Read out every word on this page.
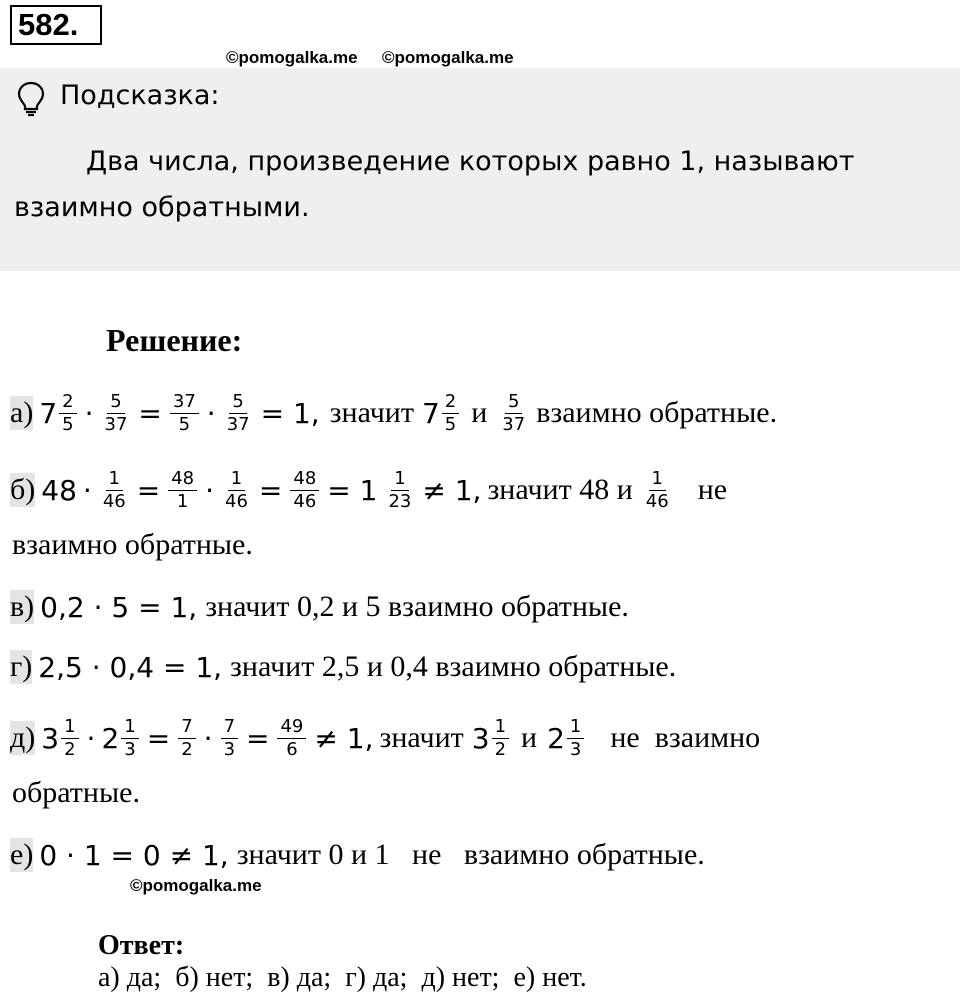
582.
©pomogalka.me ©pomogalka.me
Подсказка:
Два числа, произведение которых равно 1, называют
взаимно обратными.
Решение:
а) $7 \frac{2}{5} \cdot \frac{5}{37} = \frac{37}{5} \cdot \frac{5}{37} = 1$, значит $7 \frac{2}{5}$ и $\frac{5}{37}$ взаимно обратные.
б) $48 \cdot \frac{1}{46} = \frac{48}{1} \cdot \frac{1}{46} = \frac{48}{46} = 1 \frac{1}{23} \ne 1$, значит 48 и $\frac{1}{46}$ не
взаимно обратные.
в) 0,2 · 5 = 1, значит 0,2 и 5 взаимно обратные.
г) 2,5 · 0,4 = 1, значит 2,5 и 0,4 взаимно обратные.
д) $3 \frac{1}{2} \cdot 2 \frac{1}{3} = \frac{7}{2} \cdot \frac{7}{3} = \frac{49}{6} \ne 1$, значит $3 \frac{1}{2}$ и $2 \frac{1}{3}$ не  взаимно
обратные.
е) 0 · 1 = 0 ≠ 1, значит 0 и 1   не   взаимно обратные.
©pomogalka.me

Ответ:
а) да;  б) нет;  в) да;  г) да;  д) нет;  е) нет.
